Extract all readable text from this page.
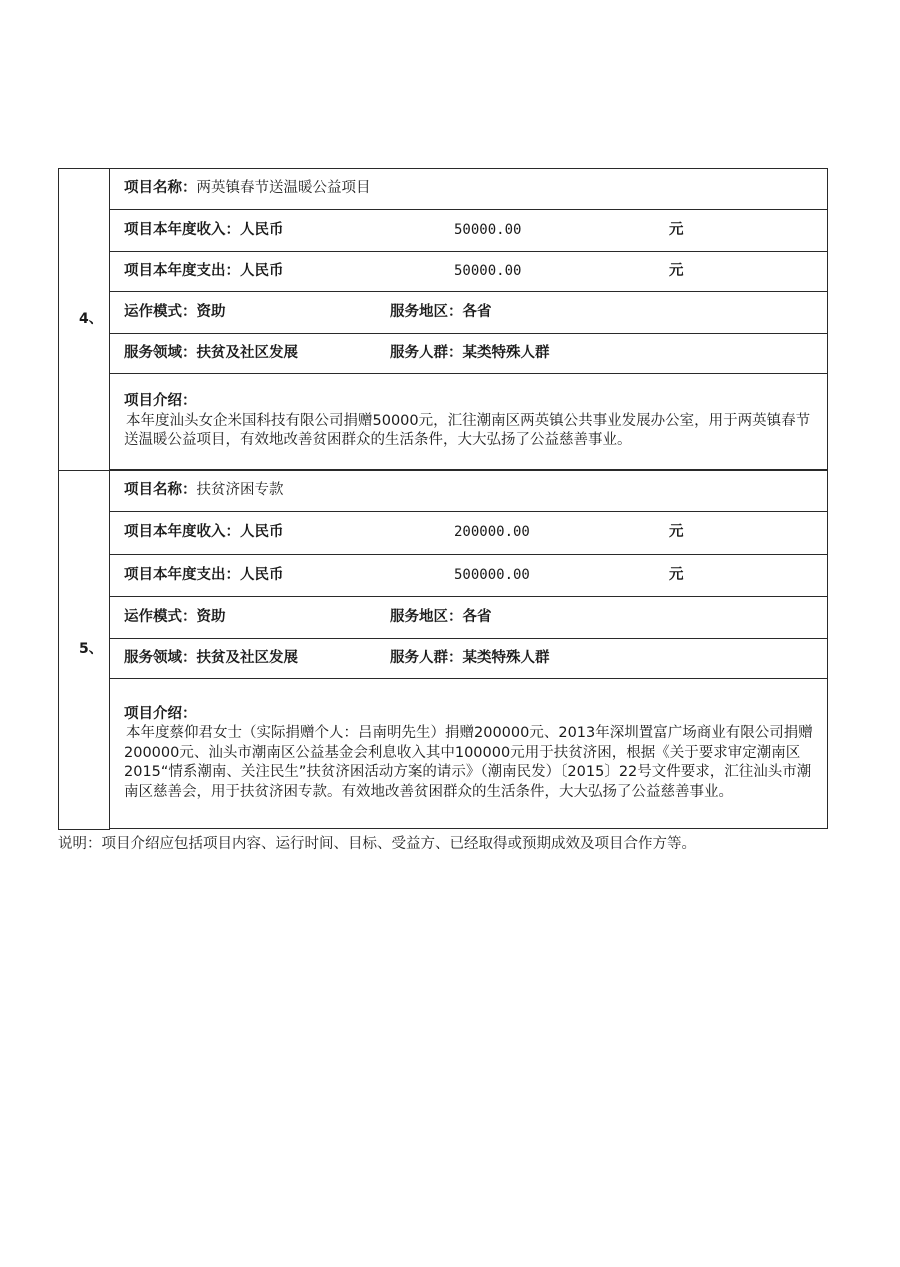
4、	项目名称：两英镇春节送温暖公益项目

	项目本年度收入：人民币 50000.00 元

	项目本年度支出：人民币 50000.00 元

	运作模式：资助 服务地区：各省

	服务领域：扶贫及社区发展 服务人群：某类特殊人群

	项目介绍：
本年度汕头女企米国科技有限公司捐赠50000元，汇往潮南区两英镇公共事业发展办公室，用于两英镇春节送温暖公益项目，有效地改善贫困群众的生活条件，大大弘扬了公益慈善事业。

5、	项目名称：扶贫济困专款

	项目本年度收入：人民币 200000.00 元

	项目本年度支出：人民币 500000.00 元

	运作模式：资助 服务地区：各省

	服务领域：扶贫及社区发展 服务人群：某类特殊人群

	项目介绍：
本年度蔡仰君女士（实际捐赠个人：吕南明先生）捐赠200000元、2013年深圳置富广场商业有限公司捐赠200000元、汕头市潮南区公益基金会利息收入其中100000元用于扶贫济困，根据《关于要求审定潮南区2015“情系潮南、关注民生”扶贫济困活动方案的请示》（潮南民发）〔2015〕22号文件要求，汇往汕头市潮南区慈善会，用于扶贫济困专款。有效地改善贫困群众的生活条件，大大弘扬了公益慈善事业。

说明：项目介绍应包括项目内容、运行时间、目标、受益方、已经取得或预期成效及项目合作方等。
